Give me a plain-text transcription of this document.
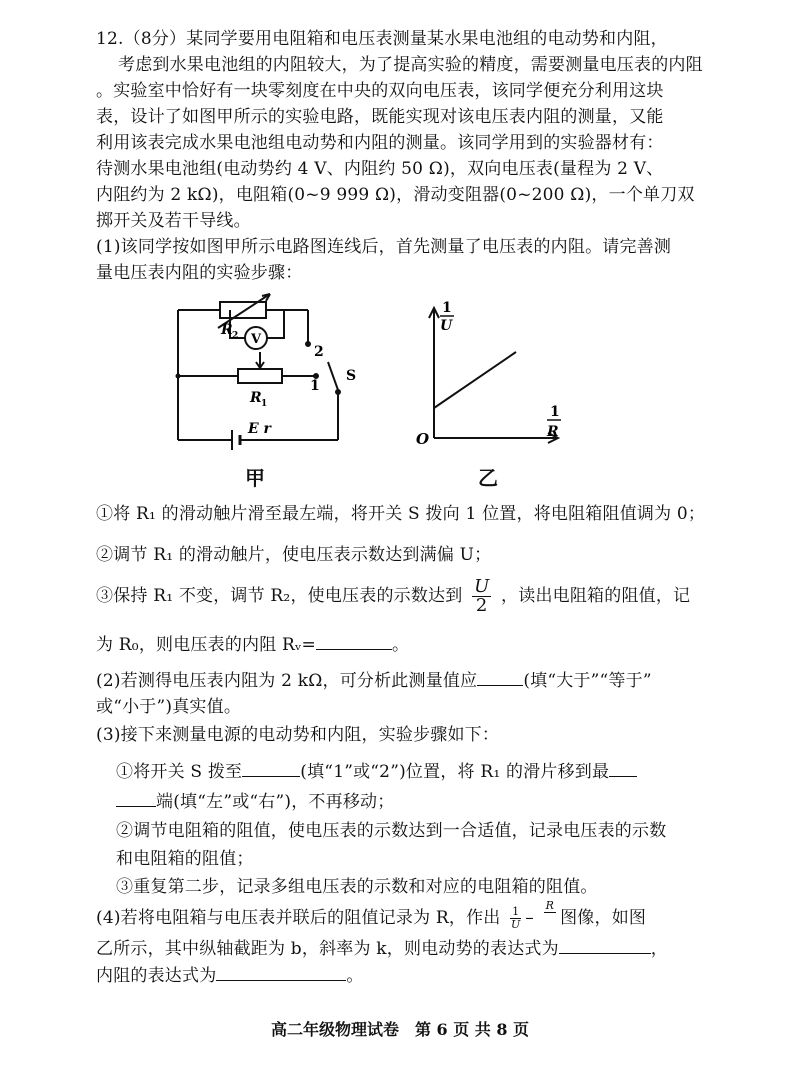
12.（8分）某同学要用电阻箱和电压表测量某水果电池组的电动势和内阻，
考虑到水果电池组的内阻较大，为了提高实验的精度，需要测量电压表的内阻
。实验室中恰好有一块零刻度在中央的双向电压表，该同学便充分利用这块
表，设计了如图甲所示的实验电路，既能实现对该电压表内阻的测量，又能
利用该表完成水果电池组电动势和内阻的测量。该同学用到的实验器材有：
待测水果电池组(电动势约 4 V、内阻约 50 Ω)，双向电压表(量程为 2 V、
内阻约为 2 kΩ)，电阻箱(0~9 999 Ω)，滑动变阻器(0~200 Ω)，一个单刀双
掷开关及若干导线。
(1)该同学按如图甲所示电路图连线后，首先测量了电压表的内阻。请完善测
量电压表内阻的实验步骤：
R 2 V
2
1
S
R 1
E r
甲
1
U
1
R
O
乙
①将 R₁ 的滑动触片滑至最左端，将开关 S 拨向 1 位置，将电阻箱阻值调为 0；
②调节 R₁ 的滑动触片，使电压表示数达到满偏 U；
③保持 R₁ 不变，调节 R₂，使电压表的示数达到 $\frac{U}{2}$ ，读出电阻箱的阻值，记
为 R₀，则电压表的内阻 Rᵥ=	。
(2)若测得电压表内阻为 2 kΩ，可分析此测量值应	(填“大于”“等于”
或“小于”)真实值。
(3)接下来测量电源的电动势和内阻，实验步骤如下：
①将开关 S 拨至	(填“1”或“2”)位置，将 R₁ 的滑片移到最
端(填“左”或“右”)，不再移动；
②调节电阻箱的阻值，使电压表的示数达到一合适值，记录电压表的示数
和电阻箱的阻值；
③重复第二步，记录多组电压表的示数和对应的电阻箱的阻值。
(4)若将电阻箱与电压表并联后的阻值记录为 R，作出 $\frac{1}{U}$ –
R

图像，如图
乙所示，其中纵轴截距为 b，斜率为 k，则电动势的表达式为	，
内阻的表达式为	。
高二年级物理试卷　第 6 页 共 8 页
